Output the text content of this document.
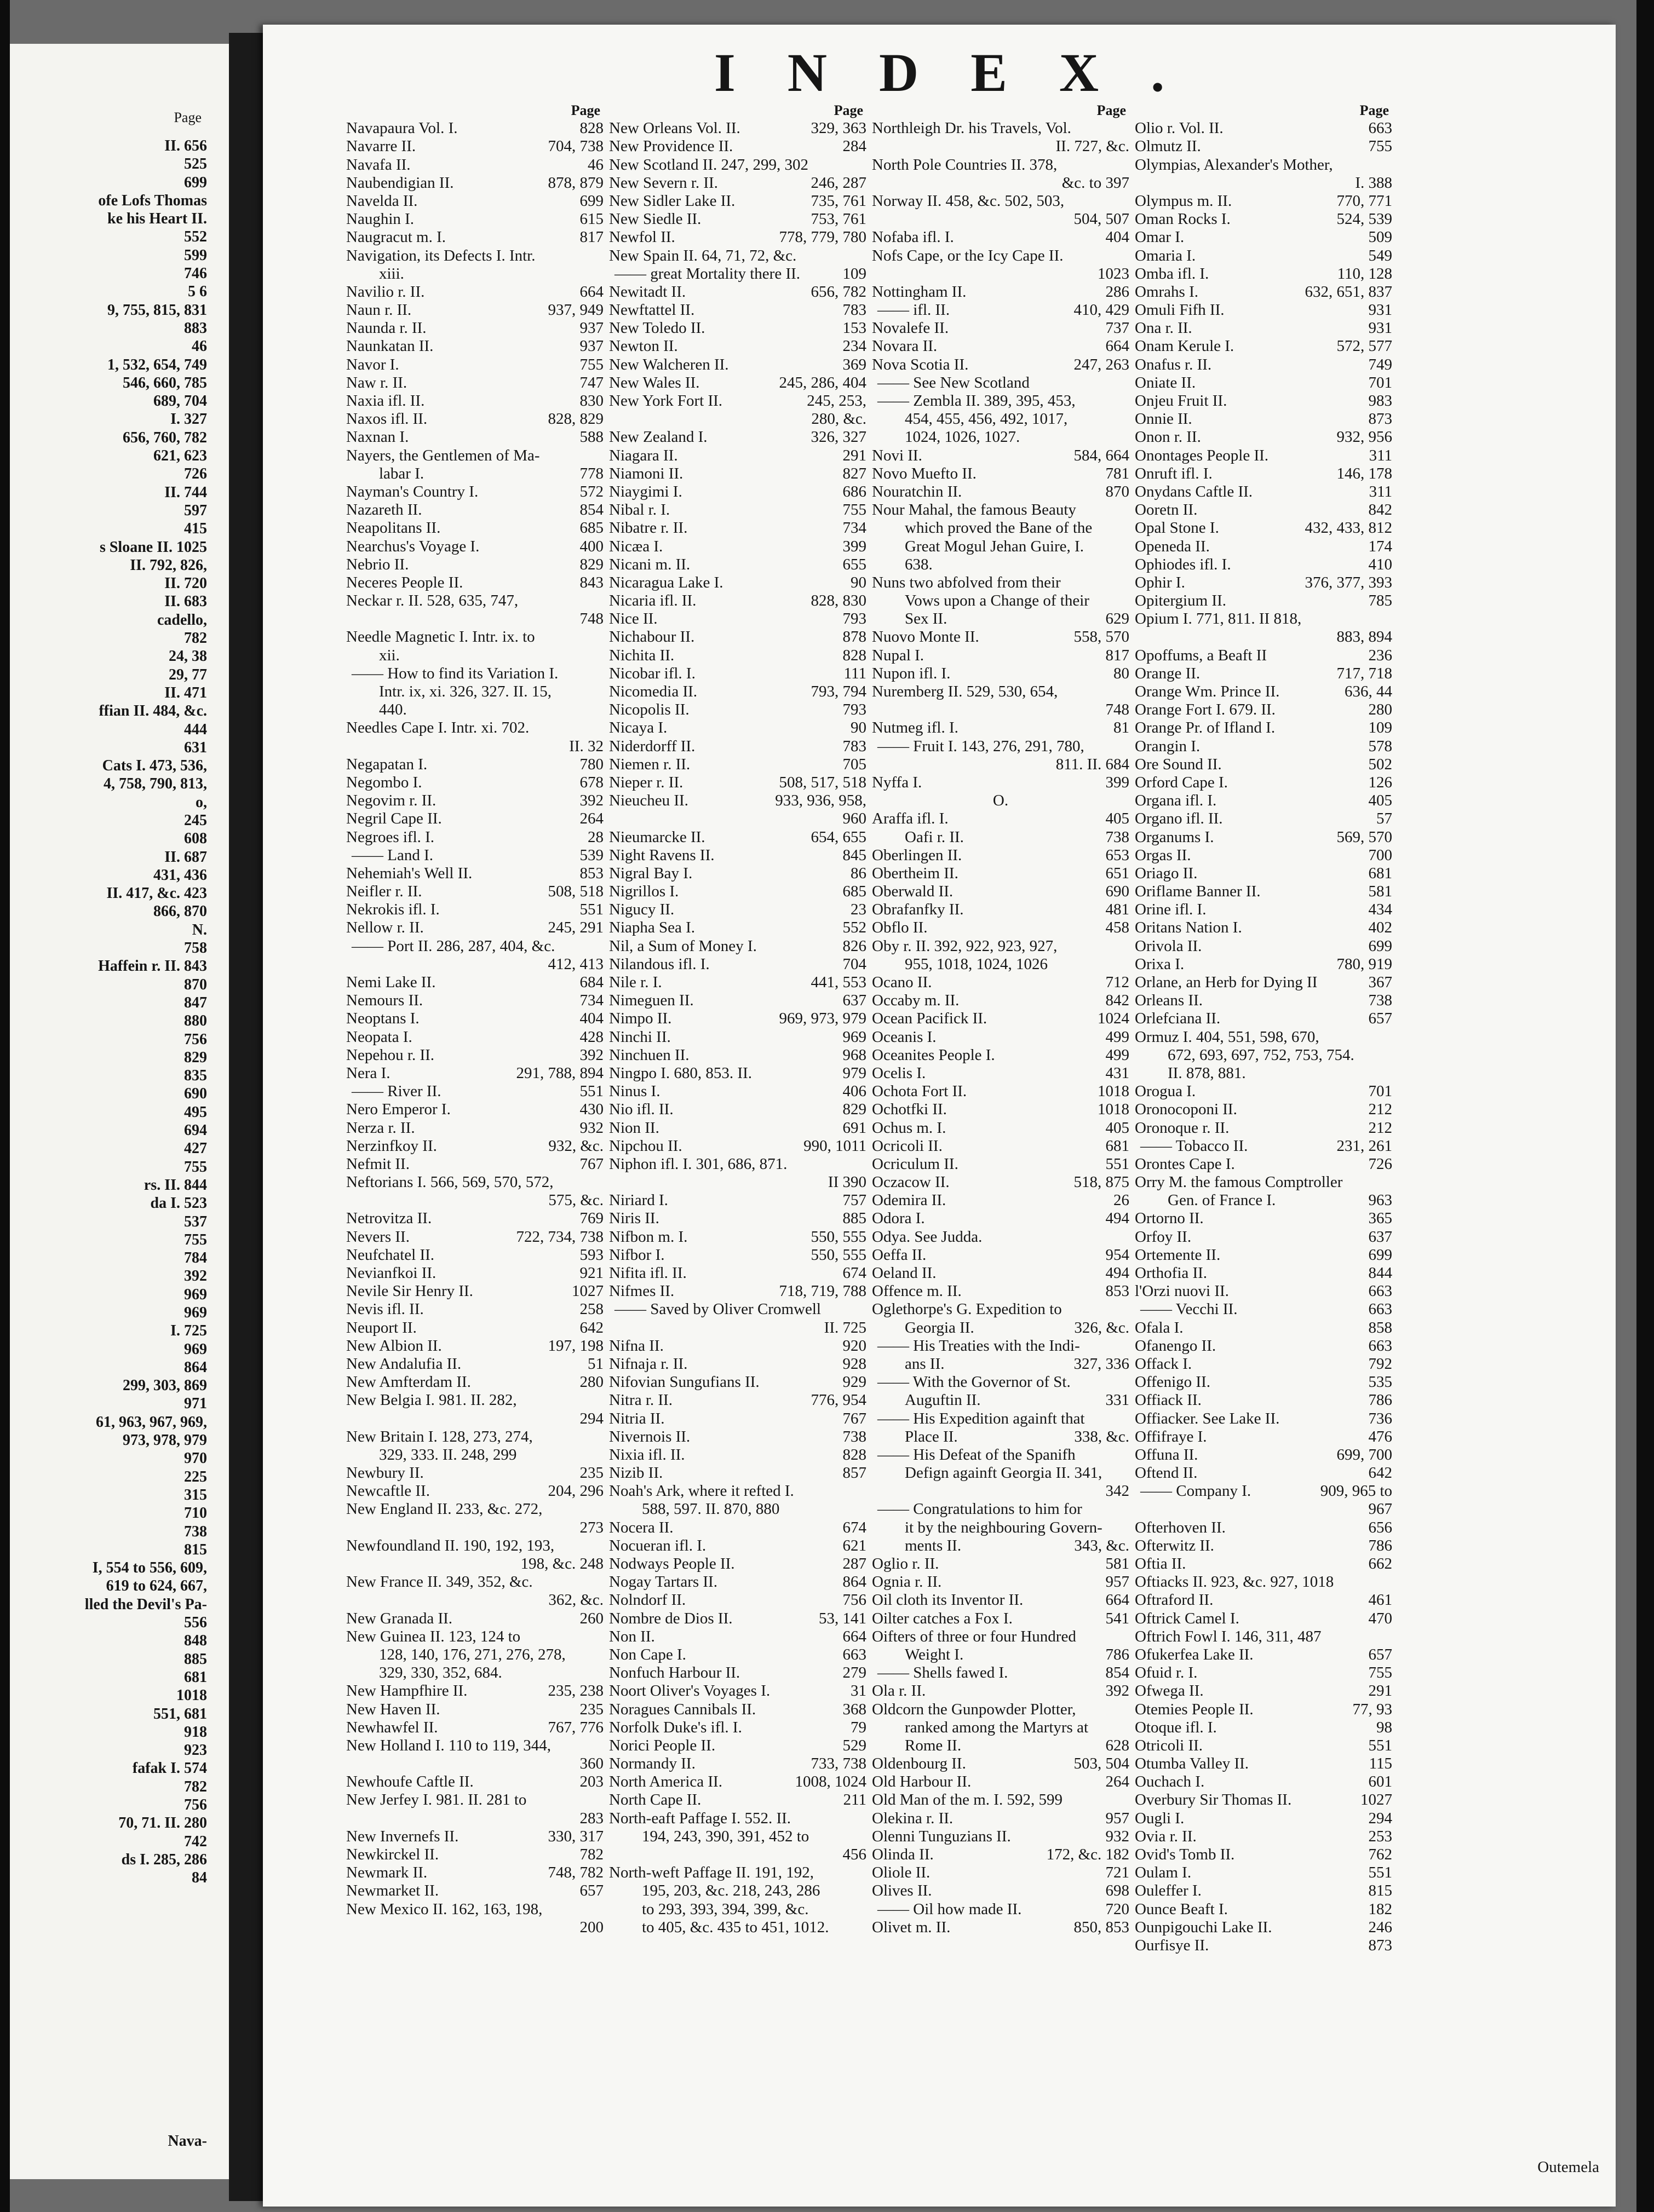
Page
II. 656
525
699
ofe Lofs Thomas
ke his Heart II.
552
599
746
5 6
9, 755, 815, 831
883
46
1, 532, 654, 749
546, 660, 785
689, 704
I. 327
656, 760, 782
621, 623
726
II. 744
597
415
s Sloane II. 1025
II. 792, 826,
II. 720
II. 683
cadello,
782
24, 38
29, 77
II. 471
ffian II. 484, &c.
444
631
Cats I. 473, 536,
4, 758, 790, 813,
o,
245
608
II. 687
431, 436
II. 417, &c. 423
866, 870
N.
758
Haffein r. II. 843
870
847
880
756
829
835
690
495
694
427
755
rs. II. 844
da I. 523
537
755
784
392
969
969
I. 725
969
864
299, 303, 869
971
61, 963, 967, 969,
973, 978, 979
970
225
315
710
738
815
I, 554 to 556, 609,
619 to 624, 667,
lled the Devil's Pa-
556
848
885
681
1018
551, 681
918
923
fafak I. 574
782
756
70, 71. II. 280
742
ds I. 285, 286
84
Nava-
INDEX.
Page
Navapaura Vol. I.	828
Navarre II.	704, 738
Navafa II.	46
Naubendigian II.	878, 879
Navelda II.	699
Naughin I.	615
Naugracut m. I.	817
Navigation, its Defects I. Intr.
xiii.
Navilio r. II.	664
Naun r. II.	937, 949
Naunda r. II.	937
Naunkatan II.	937
Navor I.	755
Naw r. II.	747
Naxia ifl. II.	830
Naxos ifl. II.	828, 829
Naxnan I.	588
Nayers, the Gentlemen of Ma-
labar I.	778
Nayman's Country I.	572
Nazareth II.	854
Neapolitans II.	685
Nearchus's Voyage I.	400
Nebrio II.	829
Neceres People II.	843
Neckar r. II. 528, 635, 747,
748
Needle Magnetic I. Intr. ix. to
xii.
—— How to find its Variation I.
Intr. ix, xi. 326, 327. II. 15,
440.
Needles Cape I. Intr. xi. 702.
II. 32
Negapatan I.	780
Negombo I.	678
Negovim r. II.	392
Negril Cape II.	264
Negroes ifl. I.	28
—— Land I.	539
Nehemiah's Well II.	853
Neifler r. II.	508, 518
Nekrokis ifl. I.	551
Nellow r. II.	245, 291
—— Port II. 286, 287, 404, &c.
412, 413
Nemi Lake II.	684
Nemours II.	734
Neoptans I.	404
Neopata I.	428
Nepehou r. II.	392
Nera I.	291, 788, 894
—— River II.	551
Nero Emperor I.	430
Nerza r. II.	932
Nerzinfkoy II.	932, &c.
Nefmit II.	767
Neftorians I. 566, 569, 570, 572,
575, &c.
Netrovitza II.	769
Nevers II.	722, 734, 738
Neufchatel II.	593
Nevianfkoi II.	921
Nevile Sir Henry II.	1027
Nevis ifl. II.	258
Neuport II.	642
New Albion II.	197, 198
New Andalufia II.	51
New Amfterdam II.	280
New Belgia I. 981. II. 282,
294
New Britain I. 128, 273, 274,
329, 333. II. 248, 299
Newbury II.	235
Newcaftle II.	204, 296
New England II. 233, &c. 272,
273
Newfoundland II. 190, 192, 193,
198, &c. 248
New France II. 349, 352, &c.
362, &c.
New Granada II.	260
New Guinea II. 123, 124 to
128, 140, 176, 271, 276, 278,
329, 330, 352, 684.
New Hampfhire II.	235, 238
New Haven II.	235
Newhawfel II.	767, 776
New Holland I. 110 to 119, 344,
360
Newhoufe Caftle II.	203
New Jerfey I. 981. II. 281 to
283
New Invernefs II.	330, 317
Newkirckel II.	782
Newmark II.	748, 782
Newmarket II.	657
New Mexico II. 162, 163, 198,
200
Page
New Orleans Vol. II.	329, 363
New Providence II.	284
New Scotland II. 247, 299, 302
New Severn r. II.	246, 287
New Sidler Lake II.	735, 761
New Siedle II.	753, 761
Newfol II.	778, 779, 780
New Spain II. 64, 71, 72, &c.
—— great Mortality there II.	109
Newitadt II.	656, 782
Newftattel II.	783
New Toledo II.	153
Newton II.	234
New Walcheren II.	369
New Wales II.	245, 286, 404
New York Fort II.	245, 253,
280, &c.
New Zealand I.	326, 327
Niagara II.	291
Niamoni II.	827
Niaygimi I.	686
Nibal r. I.	755
Nibatre r. II.	734
Nicæa I.	399
Nicani m. II.	655
Nicaragua Lake I.	90
Nicaria ifl. II.	828, 830
Nice II.	793
Nichabour II.	878
Nichita II.	828
Nicobar ifl. I.	111
Nicomedia II.	793, 794
Nicopolis II.	793
Nicaya I.	90
Niderdorff II.	783
Niemen r. II.	705
Nieper r. II.	508, 517, 518
Nieucheu II.	933, 936, 958,
960
Nieumarcke II.	654, 655
Night Ravens II.	845
Nigral Bay I.	86
Nigrillos I.	685
Nigucy II.	23
Niapha Sea I.	552
Nil, a Sum of Money I.	826
Nilandous ifl. I.	704
Nile r. I.	441, 553
Nimeguen II.	637
Nimpo II.	969, 973, 979
Ninchi II.	969
Ninchuen II.	968
Ningpo I. 680, 853. II.	979
Ninus I.	406
Nio ifl. II.	829
Nion II.	691
Nipchou II.	990, 1011
Niphon ifl. I. 301, 686, 871.
II 390
Niriard I.	757
Niris II.	885
Nifbon m. I.	550, 555
Nifbor I.	550, 555
Nifita ifl. II.	674
Nifmes II.	718, 719, 788
—— Saved by Oliver Cromwell
II. 725
Nifna II.	920
Nifnaja r. II.	928
Nifovian Sungufians II.	929
Nitra r. II.	776, 954
Nitria II.	767
Nivernois II.	738
Nixia ifl. II.	828
Nizib II.	857
Noah's Ark, where it refted I.
588, 597. II. 870, 880
Nocera II.	674
Nocueran ifl. I.	621
Nodways People II.	287
Nogay Tartars II.	864
Nolndorf II.	756
Nombre de Dios II.	53, 141
Non II.	664
Non Cape I.	663
Nonfuch Harbour II.	279
Noort Oliver's Voyages I.	31
Noragues Cannibals II.	368
Norfolk Duke's ifl. I.	79
Norici People II.	529
Normandy II.	733, 738
North America II.	1008, 1024
North Cape II.	211
North-eaft Paffage I. 552. II.
194, 243, 390, 391, 452 to
456
North-weft Paffage II. 191, 192,
195, 203, &c. 218, 243, 286
to 293, 393, 394, 399, &c.
to 405, &c. 435 to 451, 1012.
Page
Northleigh Dr. his Travels, Vol.
II. 727, &c.
North Pole Countries II. 378,
&c. to 397
Norway II. 458, &c. 502, 503,
504, 507
Nofaba ifl. I.	404
Nofs Cape, or the Icy Cape II.
1023
Nottingham II.	286
—— ifl. II.	410, 429
Novalefe II.	737
Novara II.	664
Nova Scotia II.	247, 263
—— See New Scotland
—— Zembla II. 389, 395, 453,
454, 455, 456, 492, 1017,
1024, 1026, 1027.
Novi II.	584, 664
Novo Muefto II.	781
Nouratchin II.	870
Nour Mahal, the famous Beauty
which proved the Bane of the
Great Mogul Jehan Guire, I.
638.
Nuns two abfolved from their
Vows upon a Change of their
Sex II.	629
Nuovo Monte II.	558, 570
Nupal I.	817
Nupon ifl. I.	80
Nuremberg II. 529, 530, 654,
748
Nutmeg ifl. I.	81
—— Fruit I. 143, 276, 291, 780,
811. II. 684
Nyffa I.	399
O.
Araffa ifl. I.	405
Oafi r. II.	738
Oberlingen II.	653
Obertheim II.	651
Oberwald II.	690
Obrafanfky II.	481
Obflo II.	458
Oby r. II. 392, 922, 923, 927,
955, 1018, 1024, 1026
Ocano II.	712
Occaby m. II.	842
Ocean Pacifick II.	1024
Oceanis I.	499
Oceanites People I.	499
Ocelis I.	431
Ochota Fort II.	1018
Ochotfki II.	1018
Ochus m. I.	405
Ocricoli II.	681
Ocriculum II.	551
Oczacow II.	518, 875
Odemira II.	26
Odora I.	494
Odya. See Judda.
Oeffa II.	954
Oeland II.	494
Offence m. II.	853
Oglethorpe's G. Expedition to
Georgia II.	326, &c.
—— His Treaties with the Indi-
ans II.	327, 336
—— With the Governor of St.
Auguftin II.	331
—— His Expedition againft that
Place II.	338, &c.
—— His Defeat of the Spanifh
Defign againft Georgia II. 341,
342
—— Congratulations to him for
it by the neighbouring Govern-
ments II.	343, &c.
Oglio r. II.	581
Ognia r. II.	957
Oil cloth its Inventor II.	664
Oilter catches a Fox I.	541
Oifters of three or four Hundred
Weight I.	786
—— Shells fawed I.	854
Ola r. II.	392
Oldcorn the Gunpowder Plotter,
ranked among the Martyrs at
Rome II.	628
Oldenbourg II.	503, 504
Old Harbour II.	264
Old Man of the m. I. 592, 599
Olekina r. II.	957
Olenni Tunguzians II.	932
Olinda II.	172, &c. 182
Oliole II.	721
Olives II.	698
—— Oil how made II.	720
Olivet m. II.	850, 853
Page
Olio r. Vol. II.	663
Olmutz II.	755
Olympias, Alexander's Mother,
I. 388
Olympus m. II.	770, 771
Oman Rocks I.	524, 539
Omar I.	509
Omaria I.	549
Omba ifl. I.	110, 128
Omrahs I.	632, 651, 837
Omuli Fifh II.	931
Ona r. II.	931
Onam Kerule I.	572, 577
Onafus r. II.	749
Oniate II.	701
Onjeu Fruit II.	983
Onnie II.	873
Onon r. II.	932, 956
Onontages People II.	311
Onruft ifl. I.	146, 178
Onydans Caftle II.	311
Ooretn II.	842
Opal Stone I.	432, 433, 812
Openeda II.	174
Ophiodes ifl. I.	410
Ophir I.	376, 377, 393
Opitergium II.	785
Opium I. 771, 811. II 818,
883, 894
Opoffums, a Beaft II	236
Orange II.	717, 718
Orange Wm. Prince II.	636, 44
Orange Fort I. 679. II.	280
Orange Pr. of Ifland I.	109
Orangin I.	578
Ore Sound II.	502
Orford Cape I.	126
Organa ifl. I.	405
Organo ifl. II.	57
Organums I.	569, 570
Orgas II.	700
Oriago II.	681
Oriflame Banner II.	581
Orine ifl. I.	434
Oritans Nation I.	402
Orivola II.	699
Orixa I.	780, 919
Orlane, an Herb for Dying II	367
Orleans II.	738
Orlefciana II.	657
Ormuz I. 404, 551, 598, 670,
672, 693, 697, 752, 753, 754.
II. 878, 881.
Orogua I.	701
Oronocoponi II.	212
Oronoque r. II.	212
—— Tobacco II.	231, 261
Orontes Cape I.	726
Orry M. the famous Comptroller
Gen. of France I.	963
Ortorno II.	365
Orfoy II.	637
Ortemente II.	699
Orthofia II.	844
l'Orzi nuovi II.	663
—— Vecchi II.	663
Ofala I.	858
Ofanengo II.	663
Offack I.	792
Offenigo II.	535
Offiack II.	786
Offiacker. See Lake II.	736
Offifraye I.	476
Offuna II.	699, 700
Oftend II.	642
—— Company I.	909, 965 to
967
Ofterhoven II.	656
Ofterwitz II.	786
Oftia II.	662
Oftiacks II. 923, &c. 927, 1018
Oftraford II.	461
Oftrick Camel I.	470
Oftrich Fowl I. 146, 311, 487
Ofukerfea Lake II.	657
Ofuid r. I.	755
Ofwega II.	291
Otemies People II.	77, 93
Otoque ifl. I.	98
Otricoli II.	551
Otumba Valley II.	115
Ouchach I.	601
Overbury Sir Thomas II.	1027
Ougli I.	294
Ovia r. II.	253
Ovid's Tomb II.	762
Oulam I.	551
Ouleffer I.	815
Ounce Beaft I.	182
Ounpigouchi Lake II.	246
Ourfisye II.	873
Outemela
